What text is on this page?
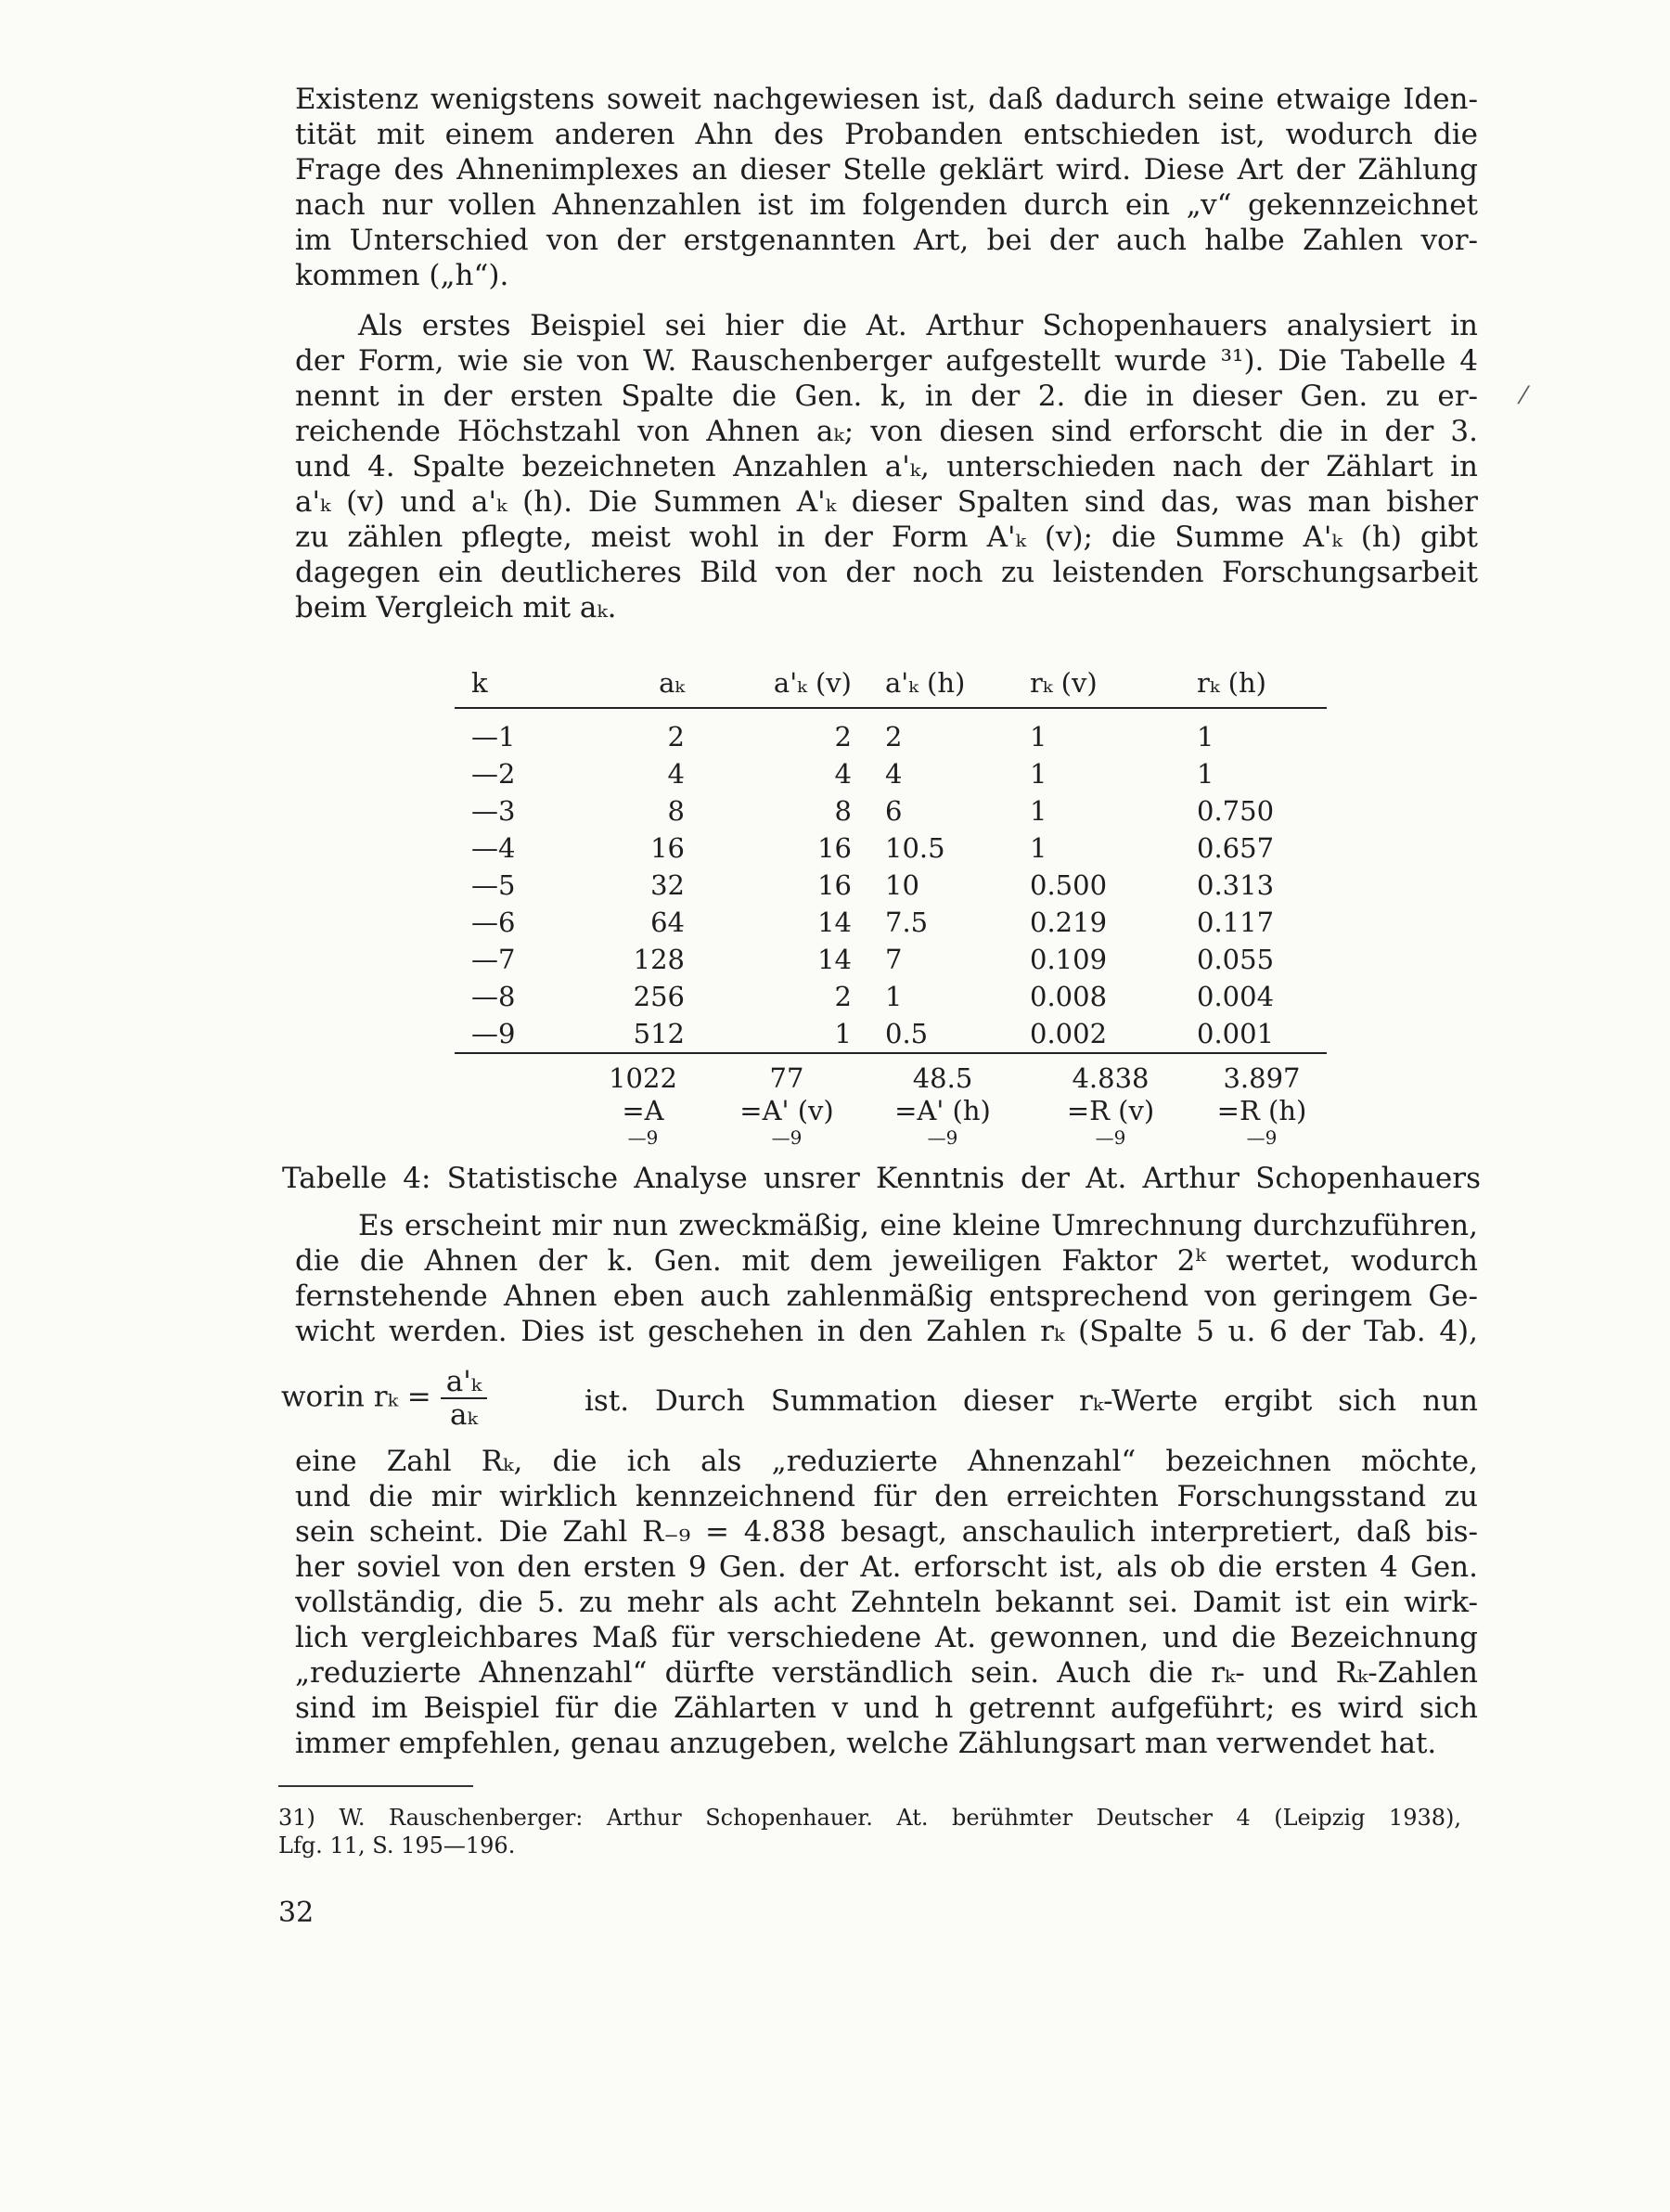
Existenz wenigstens soweit nachgewiesen ist, daß dadurch seine etwaige Iden-
tität mit einem anderen Ahn des Probanden entschieden ist, wodurch die
Frage des Ahnenimplexes an dieser Stelle geklärt wird. Diese Art der Zählung
nach nur vollen Ahnenzahlen ist im folgenden durch ein „v“ gekennzeichnet
im Unterschied von der erstgenannten Art, bei der auch halbe Zahlen vor-
kommen („h“).
Als erstes Beispiel sei hier die At. Arthur Schopenhauers analysiert in
der Form, wie sie von W. Rauschenberger aufgestellt wurde ³¹). Die Tabelle 4
nennt in der ersten Spalte die Gen. k, in der 2. die in dieser Gen. zu er-
reichende Höchstzahl von Ahnen aₖ; von diesen sind erforscht die in der 3.
und 4. Spalte bezeichneten Anzahlen a'ₖ, unterschieden nach der Zählart in
a'ₖ (v) und a'ₖ (h). Die Summen A'ₖ dieser Spalten sind das, was man bisher
zu zählen pflegte, meist wohl in der Form A'ₖ (v); die Summe A'ₖ (h) gibt
dagegen ein deutlicheres Bild von der noch zu leistenden Forschungsarbeit
beim Vergleich mit aₖ.
⁄
k	aₖ	a'ₖ (v)	a'ₖ (h)	rₖ (v)	rₖ (h)
—1	2	2	2	1	1
—2	4	4	4	1	1
—3	8	8	6	1	0.750
—4	16	16	10.5	1	0.657
—5	32	16	10	0.500	0.313
—6	64	14	7.5	0.219	0.117
—7	128	14	7	0.109	0.055
—8	256	2	1	0.008	0.004
—9	512	1	0.5	0.002	0.001
	1022	77	48.5	4.838	3.897
	=A	=A' (v)	=A' (h)	=R (v)	=R (h)
	—9	—9	—9	—9	—9
Tabelle 4: Statistische Analyse unsrer Kenntnis der At. Arthur Schopenhauers
Es erscheint mir nun zweckmäßig, eine kleine Umrechnung durchzuführen,
die die Ahnen der k. Gen. mit dem jeweiligen Faktor 2ᵏ wertet, wodurch
fernstehende Ahnen eben auch zahlenmäßig entsprechend von geringem Ge-
wicht werden. Dies ist geschehen in den Zahlen rₖ (Spalte 5 u. 6 der Tab. 4),
worin $r_k = \frac{\text{a'ₖ}}{\text{aₖ}}$	ist. Durch Summation dieser rₖ-Werte ergibt sich nun
eine Zahl Rₖ, die ich als „reduzierte Ahnenzahl“ bezeichnen möchte,
und die mir wirklich kennzeichnend für den erreichten Forschungsstand zu
sein scheint. Die Zahl R₋₉ = 4.838 besagt, anschaulich interpretiert, daß bis-
her soviel von den ersten 9 Gen. der At. erforscht ist, als ob die ersten 4 Gen.
vollständig, die 5. zu mehr als acht Zehnteln bekannt sei. Damit ist ein wirk-
lich vergleichbares Maß für verschiedene At. gewonnen, und die Bezeichnung
„reduzierte Ahnenzahl“ dürfte verständlich sein. Auch die rₖ- und Rₖ-Zahlen
sind im Beispiel für die Zählarten v und h getrennt aufgeführt; es wird sich
immer empfehlen, genau anzugeben, welche Zählungsart man verwendet hat.
31) W. Rauschenberger: Arthur Schopenhauer. At. berühmter Deutscher 4 (Leipzig 1938),
Lfg. 11, S. 195—196.
32
